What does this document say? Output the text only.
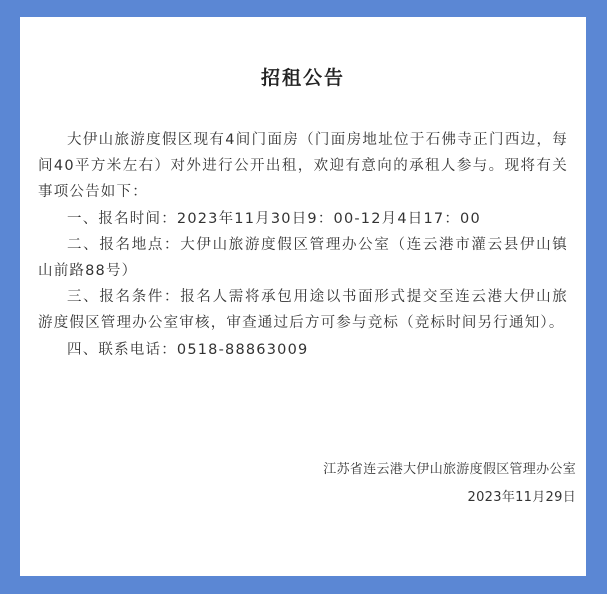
招租公告

大伊山旅游度假区现有4间门面房（门面房地址位于石佛寺正门西边，每间40平方米左右）对外进行公开出租，欢迎有意向的承租人参与。现将有关事项公告如下：

一、报名时间：2023年11月30日9：00-12月4日17：00

二、报名地点：大伊山旅游度假区管理办公室（连云港市灌云县伊山镇山前路88号）

三、报名条件：报名人需将承包用途以书面形式提交至连云港大伊山旅游度假区管理办公室审核，审查通过后方可参与竞标（竞标时间另行通知）。

四、联系电话：0518-88863009

江苏省连云港大伊山旅游度假区管理办公室
2023年11月29日
